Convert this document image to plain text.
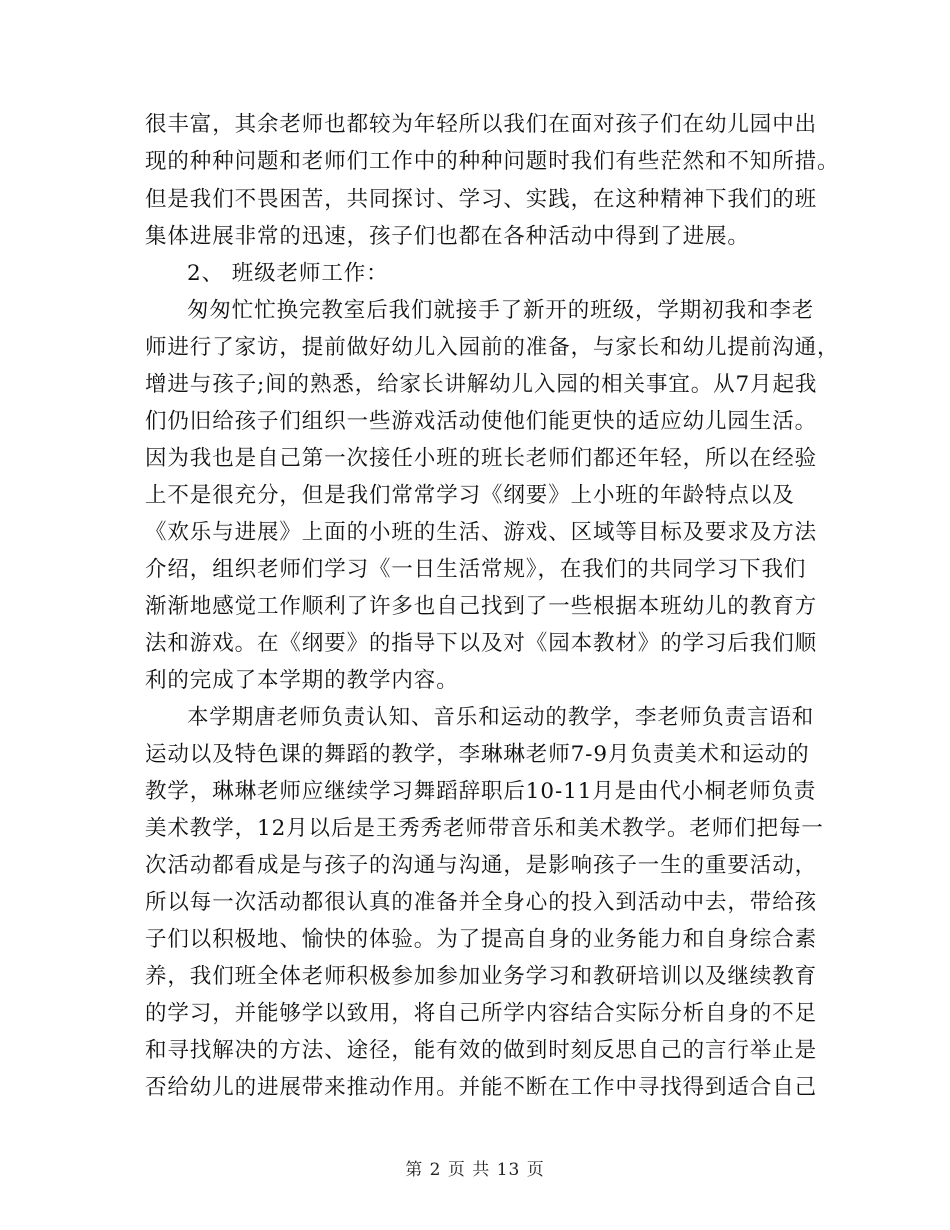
很丰富，其余老师也都较为年轻所以我们在面对孩子们在幼儿园中出
现的种种问题和老师们工作中的种种问题时我们有些茫然和不知所措。
但是我们不畏困苦，共同探讨、学习、实践，在这种精神下我们的班
集体进展非常的迅速，孩子们也都在各种活动中得到了进展。
2、 班级老师工作：
匆匆忙忙换完教室后我们就接手了新开的班级，学期初我和李老
师进行了家访，提前做好幼儿入园前的准备，与家长和幼儿提前沟通，
增进与孩子;间的熟悉，给家长讲解幼儿入园的相关事宜。从7月起我
们仍旧给孩子们组织一些游戏活动使他们能更快的适应幼儿园生活。
因为我也是自己第一次接任小班的班长老师们都还年轻，所以在经验
上不是很充分，但是我们常常学习《纲要》上小班的年龄特点以及
《欢乐与进展》上面的小班的生活、游戏、区域等目标及要求及方法
介绍，组织老师们学习《一日生活常规》，在我们的共同学习下我们
渐渐地感觉工作顺利了许多也自己找到了一些根据本班幼儿的教育方
法和游戏。在《纲要》的指导下以及对《园本教材》的学习后我们顺
利的完成了本学期的教学内容。
本学期唐老师负责认知、音乐和运动的教学，李老师负责言语和
运动以及特色课的舞蹈的教学，李琳琳老师7-9月负责美术和运动的
教学，琳琳老师应继续学习舞蹈辞职后10-11月是由代小桐老师负责
美术教学，12月以后是王秀秀老师带音乐和美术教学。老师们把每一
次活动都看成是与孩子的沟通与沟通，是影响孩子一生的重要活动，
所以每一次活动都很认真的准备并全身心的投入到活动中去，带给孩
子们以积极地、愉快的体验。为了提高自身的业务能力和自身综合素
养，我们班全体老师积极参加参加业务学习和教研培训以及继续教育
的学习，并能够学以致用，将自己所学内容结合实际分析自身的不足
和寻找解决的方法、途径，能有效的做到时刻反思自己的言行举止是
否给幼儿的进展带来推动作用。并能不断在工作中寻找得到适合自己
第 2 页 共 13 页
